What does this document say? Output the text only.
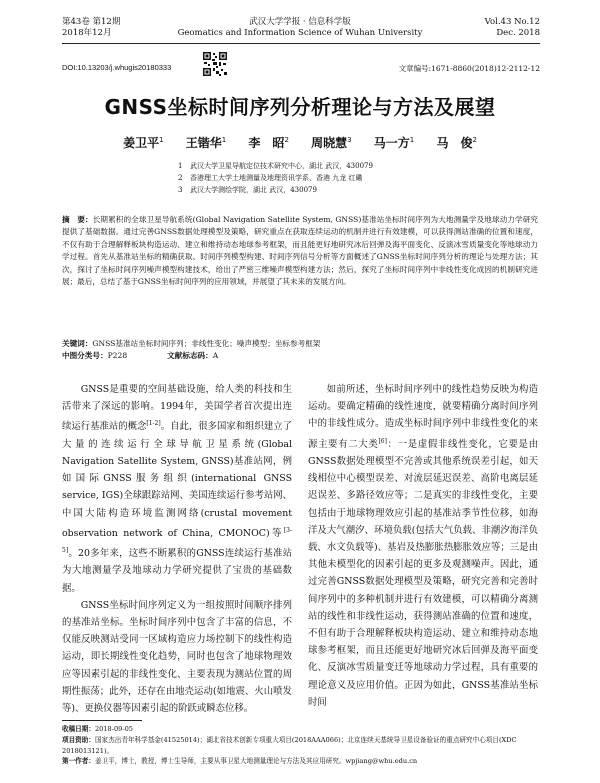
第43卷 第12期
2018年12月
武汉大学学报 · 信息科学版
Geomatics and Information Science of Wuhan University
Vol.43 No.12
Dec. 2018
DOI:10.13203/j.whugis20180333	文章编号:1671-8860(2018)12-2112-12
GNSS坐标时间序列分析理论与方法及展望
姜卫平$^1$ 王锴华$^1$ 李　昭$^2$ 周晓慧$^3$ 马一方$^1$ 马　俊$^2$
1 武汉大学卫星导航定位技术研究中心，湖北 武汉，430079
2 香港理工大学土地测量及地理资讯学系，香港 九龙 红磡
3 武汉大学测绘学院，湖北 武汉，430079
摘　要：长期累积的全球卫星导航系统(Global Navigation Satellite System, GNSS)基准站坐标时间序列为大地测量学及地球动力学研究提供了基础数据。通过完善GNSS数据处理模型及策略，研究重点在获取连续运动的机制并进行有效建模，可以获得测站准确的位置和速度，不仅有助于合理解释板块构造运动、建立和维持动态地球参考框架，而且能更好地研究冰后回弹及海平面变化、反演冰雪质量变化等地球动力学过程。首先从基准站坐标的精确获取、时间序列模型构建、时间序列信号分析等方面概述了GNSS坐标时间序列分析的理论与处理方法；其次，探讨了坐标时间序列噪声模型构建技术，给出了严密三维噪声模型构建方法；然后，探究了坐标时间序列中非线性变化成因的机制研究进展；最后，总结了基于GNSS坐标时间序列的应用领域，并展望了其未来的发展方向。
关键词：GNSS基准站坐标时间序列；非线性变化；噪声模型；坐标参考框架
中图分类号：P228	文献标志码：A

GNSS是重要的空间基础设施，给人类的科技和生活带来了深远的影响。1994年，美国学者首次提出连续运行基准站的概念[1-2]。自此，很多国家和组织建立了大量的连续运行全球导航卫星系统(Global Navigation Satellite System, GNSS)基准站网，例如国际GNSS服务组织(international GNSS service, IGS)全球跟踪站网、美国连续运行参考站网、中国大陆构造环境监测网络(crustal movement observation network of China, CMONOC)等[3-5]。20多年来，这些不断累积的GNSS连续运行基准站为大地测量学及地球动力学研究提供了宝贵的基础数据。

GNSS坐标时间序列定义为一组按照时间顺序排列的基准站坐标。坐标时间序列中包含了丰富的信息，不仅能反映测站受同一区域构造应力场控制下的线性构造运动，即长期线性变化趋势，同时也包含了地球物理效应等因素引起的非线性变化、主要表现为测站位置的周期性振荡；此外，还存在由地壳运动(如地震、火山喷发等)、更换仪器等因素引起的阶跃或瞬态位移。

如前所述，坐标时间序列中的线性趋势反映为构造运动。要确定精确的线性速度，就要精确分离时间序列中的非线性成分。造成坐标时间序列中非线性变化的来源主要有二大类[6]：一是虚假非线性变化，它要是由GNSS数据处理模型不完善或其他系统误差引起，如天线相位中心模型误差、对流层延迟误差、高阶电离层延迟误差、多路径效应等；二是真实的非线性变化，主要包括由于地球物理效应引起的基准站季节性位移，如海洋及大气潮汐、环境负载(包括大气负载、非潮汐海洋负载、水文负载等)、基岩及热膨胀热膨胀效应等；三是由其他未模型化的因素引起的更多及观测噪声。因此，通过完善GNSS数据处理模型及策略，研究完善和完善时间序列中的多种机制并进行有效建模，可以精确分离测站的线性和非线性运动，获得测站准确的位置和速度，不但有助于合理解释板块构造运动、建立和维持动态地球参考框架，而且还能更好地研究冰后回弹及海平面变化、反演冰雪质量变迁等地球动力学过程，具有重要的理论意义及应用价值。正因为如此，GNSS基准站坐标时间

收稿日期：2018-09-05
项目资助：国家杰出青年科学基金(41525014)；湖北省技术创新专项重大项目(2018AAA066)；北京连续天基统导卫星设备验证的重点研究中心项目(XDC 2018013121)。
第一作者：姜卫平，博士，教授，博士生导师，主要从事卫星大地测量理论与方法及其应用研究。wpjiang@whu.edu.cn
